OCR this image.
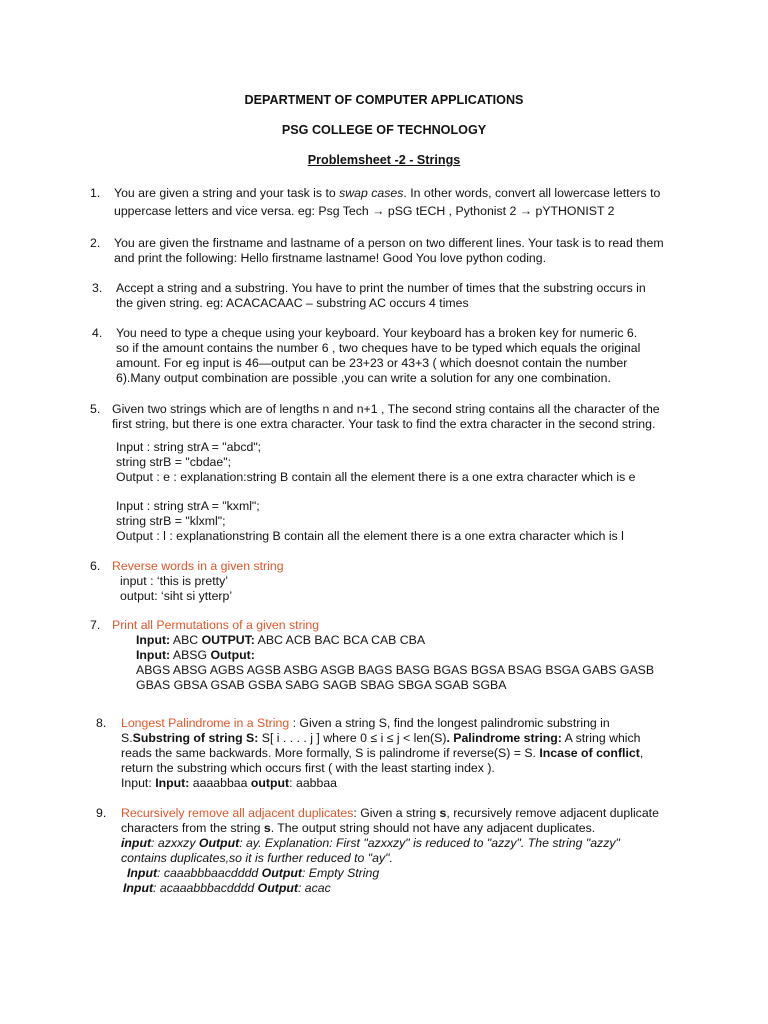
DEPARTMENT OF COMPUTER APPLICATIONS
PSG COLLEGE OF TECHNOLOGY
Problemsheet -2 - Strings
1. You are given a string and your task is to swap cases. In other words, convert all lowercase letters to
uppercase letters and vice versa. eg: Psg Tech → pSG tECH , Pythonist 2 → pYTHONIST 2
2. You are given the firstname and lastname of a person on two different lines. Your task is to read them
and print the following: Hello firstname lastname! Good You love python coding.
3. Accept a string and a substring. You have to print the number of times that the substring occurs in
the given string. eg: ACACACAAC – substring AC occurs 4 times
4. You need to type a cheque using your keyboard. Your keyboard has a broken key for numeric 6.
so if the amount contains the number 6 , two cheques have to be typed which equals the original
amount. For eg input is 46—output can be 23+23 or 43+3 ( which doesnot contain the number
6).Many output combination are possible ,you can write a solution for any one combination.
5. Given two strings which are of lengths n and n+1 , The second string contains all the character of the
first string, but there is one extra character. Your task to find the extra character in the second string.
Input : string strA = "abcd";
string strB = "cbdae";
Output : e : explanation:string B contain all the element there is a one extra character which is e
Input : string strA = "kxml";
string strB = "klxml";
Output : l : explanationstring B contain all the element there is a one extra character which is l
6. Reverse words in a given string
input : ‘this is pretty’
output: ‘siht si ytterp’
7. Print all Permutations of a given string
Input: ABC OUTPUT: ABC ACB BAC BCA CAB CBA
Input: ABSG Output:
ABGS ABSG AGBS AGSB ASBG ASGB BAGS BASG BGAS BGSA BSAG BSGA GABS GASB
GBAS GBSA GSAB GSBA SABG SAGB SBAG SBGA SGAB SGBA
8. Longest Palindrome in a String : Given a string S, find the longest palindromic substring in
S.Substring of string S: S[ i . . . . j ] where 0 ≤ i ≤ j < len(S). Palindrome string: A string which
reads the same backwards. More formally, S is palindrome if reverse(S) = S. Incase of conflict,
return the substring which occurs first ( with the least starting index ).
Input: Input: aaaabbaa output: aabbaa
9. Recursively remove all adjacent duplicates: Given a string s, recursively remove adjacent duplicate
characters from the string s. The output string should not have any adjacent duplicates.
input: azxxzy Output: ay. Explanation: First "azxxzy" is reduced to "azzy". The string "azzy"
contains duplicates,so it is further reduced to "ay".
Input: caaabbbaacdddd Output: Empty String
Input: acaaabbbacdddd Output: acac
